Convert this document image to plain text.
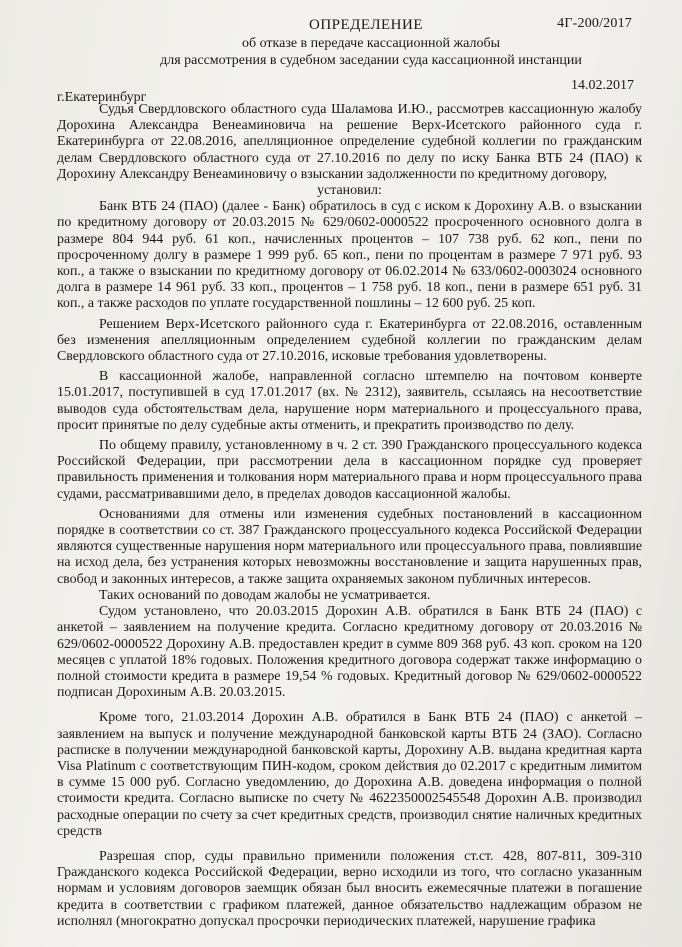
4Г-200/2017
ОПРЕДЕЛЕНИЕ
об отказе в передаче кассационной жалобы
для рассмотрения в судебном заседании суда кассационной инстанции
14.02.2017
г.Екатеринбург

Судья Свердловского областного суда Шаламова И.Ю., рассмотрев кассационную жалобу Дорохина Александра Венеаминовича на решение Верх-Исетского районного суда г. Екатеринбурга от 22.08.2016, апелляционное определение судебной коллегии по гражданским делам Свердловского областного суда от 27.10.2016 по делу по иску Банка ВТБ 24 (ПАО) к Дорохину Александру Венеаминовичу о взыскании задолженности по кредитному договору,

установил:

Банк ВТБ 24 (ПАО) (далее - Банк) обратилось в суд с иском к Дорохину А.В. о взыскании по кредитному договору от 20.03.2015 № 629/0602-0000522 просроченного основного долга в размере 804 944 руб. 61 коп., начисленных процентов – 107 738 руб. 62 коп., пени по просроченному долгу в размере 1 999 руб. 65 коп., пени по процентам в размере 7 971 руб. 93 коп., а также о взыскании по кредитному договору от 06.02.2014 № 633/0602-0003024 основного долга в размере 14 961 руб. 33 коп., процентов – 1 758 руб. 18 коп., пени в размере 651 руб. 31 коп., а также расходов по уплате государственной пошлины – 12 600 руб. 25 коп.

Решением Верх-Исетского районного суда г. Екатеринбурга от 22.08.2016, оставленным без изменения апелляционным определением судебной коллегии по гражданским делам Свердловского областного суда от 27.10.2016, исковые требования удовлетворены.

В кассационной жалобе, направленной согласно штемпелю на почтовом конверте 15.01.2017, поступившей в суд 17.01.2017 (вх. № 2312), заявитель, ссылаясь на несоответствие выводов суда обстоятельствам дела, нарушение норм материального и процессуального права, просит принятые по делу судебные акты отменить, и прекратить производство по делу.

По общему правилу, установленному в ч. 2 ст. 390 Гражданского процессуального кодекса Российской Федерации, при рассмотрении дела в кассационном порядке суд проверяет правильность применения и толкования норм материального права и норм процессуального права судами, рассматривавшими дело, в пределах доводов кассационной жалобы.

Основаниями для отмены или изменения судебных постановлений в кассационном порядке в соответствии со ст. 387 Гражданского процессуального кодекса Российской Федерации являются существенные нарушения норм материального или процессуального права, повлиявшие на исход дела, без устранения которых невозможны восстановление и защита нарушенных прав, свобод и законных интересов, а также защита охраняемых законом публичных интересов.

Таких оснований по доводам жалобы не усматривается.

Судом установлено, что 20.03.2015 Дорохин А.В. обратился в Банк ВТБ 24 (ПАО) с анкетой – заявлением на получение кредита. Согласно кредитному договору от 20.03.2016 № 629/0602-0000522 Дорохину А.В. предоставлен кредит в сумме 809 368 руб. 43 коп. сроком на 120 месяцев с уплатой 18% годовых. Положения кредитного договора содержат также информацию о полной стоимости кредита в размере 19,54 % годовых. Кредитный договор № 629/0602-0000522 подписан Дорохиным А.В. 20.03.2015.

Кроме того, 21.03.2014 Дорохин А.В. обратился в Банк ВТБ 24 (ПАО) с анкетой – заявлением на выпуск и получение международной банковской карты ВТБ 24 (ЗАО). Согласно расписке в получении международной банковской карты, Дорохину А.В. выдана кредитная карта Visa Platinum с соответствующим ПИН-кодом, сроком действия до 02.2017 с кредитным лимитом в сумме 15 000 руб. Согласно уведомлению, до Дорохина А.В. доведена информация о полной стоимости кредита. Согласно выписке по счету № 4622350002545548 Дорохин А.В. производил расходные операции по счету за счет кредитных средств, производил снятие наличных кредитных средств

Разрешая спор, суды правильно применили положения ст.ст. 428, 807-811, 309-310 Гражданского кодекса Российской Федерации, верно исходили из того, что согласно указанным нормам и условиям договоров заемщик обязан был вносить ежемесячные платежи в погашение кредита в соответствии с графиком платежей, данное обязательство надлежащим образом не исполнял (многократно допускал просрочки периодических платежей, нарушение графика
